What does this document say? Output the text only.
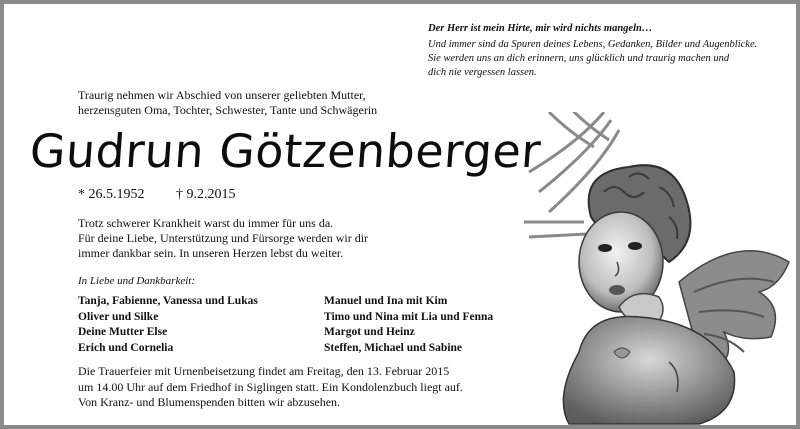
Der Herr ist mein Hirte, mir wird nichts mangeln…
Und immer sind da Spuren deines Lebens, Gedanken, Bilder und Augenblicke.
Sie werden uns an dich erinnern, uns glücklich und traurig machen und
dich nie vergessen lassen.
Traurig nehmen wir Abschied von unserer geliebten Mutter,
herzensguten Oma, Tochter, Schwester, Tante und Schwägerin
Gudrun Götzenberger
* 26.5.1952 † 9.2.2015
Trotz schwerer Krankheit warst du immer für uns da.
Für deine Liebe, Unterstützung und Fürsorge werden wir dir
immer dankbar sein. In unseren Herzen lebst du weiter.
In Liebe und Dankbarkeit:
Tanja, Fabienne, Vanessa und Lukas	Manuel und Ina mit Kim
Oliver und Silke	Timo und Nina mit Lia und Fenna
Deine Mutter Else	Margot und Heinz
Erich und Cornelia	Steffen, Michael und Sabine
Die Trauerfeier mit Urnenbeisetzung findet am Freitag, den 13. Februar 2015
um 14.00 Uhr auf dem Friedhof in Siglingen statt. Ein Kondolenzbuch liegt auf.
Von Kranz- und Blumenspenden bitten wir abzusehen.
